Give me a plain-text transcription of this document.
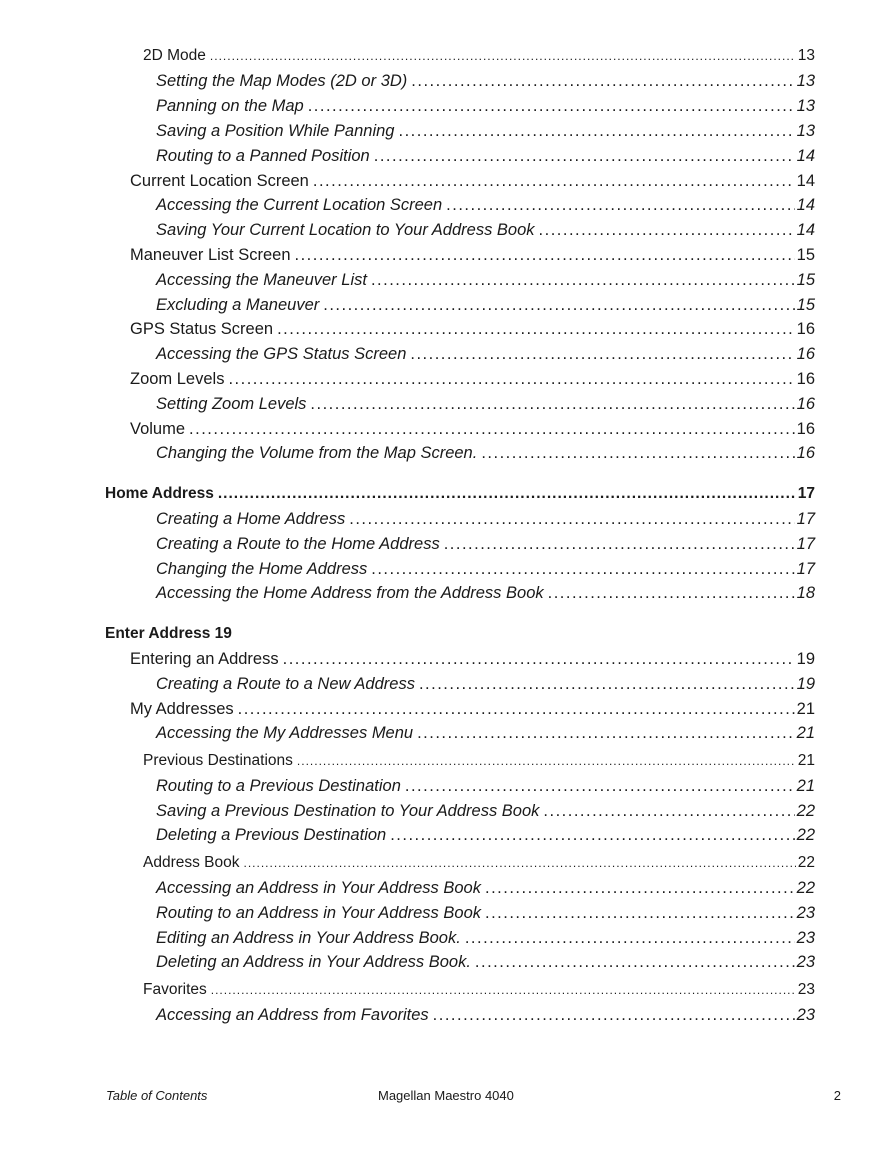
2D Mode .....	13
Setting the Map Modes (2D or 3D) .....	13
Panning on the Map .....	13
Saving a Position While Panning .....	13
Routing to a Panned Position .....	14
Current Location Screen .....	14
Accessing the Current Location Screen .....	14
Saving Your Current Location to Your Address Book .....	14
Maneuver List Screen .....	15
Accessing the Maneuver List .....	15
Excluding a Maneuver .....	15
GPS Status Screen .....	16
Accessing the GPS Status Screen .....	16
Zoom Levels .....	16
Setting Zoom Levels .....	16
Volume .....	16
Changing the Volume from the Map Screen. .....	16
Home Address .....	17
Creating a Home Address .....	17
Creating a Route to the Home Address .....	17
Changing the Home Address .....	17
Accessing the Home Address from the Address Book .....	18
Enter Address 19
Entering an Address .....	19
Creating a Route to a New Address .....	19
My Addresses .....	21
Accessing the My Addresses Menu .....	21
Previous Destinations .....	21
Routing to a Previous Destination .....	21
Saving a Previous Destination to Your Address Book .....	22
Deleting a Previous Destination .....	22
Address Book .....	22
Accessing an Address in Your Address Book .....	22
Routing to an Address in Your Address Book .....	23
Editing an Address in Your Address Book. .....	23
Deleting an Address in Your Address Book. .....	23
Favorites .....	23
Accessing an Address from Favorites .....	23
Table of Contents	Magellan Maestro 4040	2
